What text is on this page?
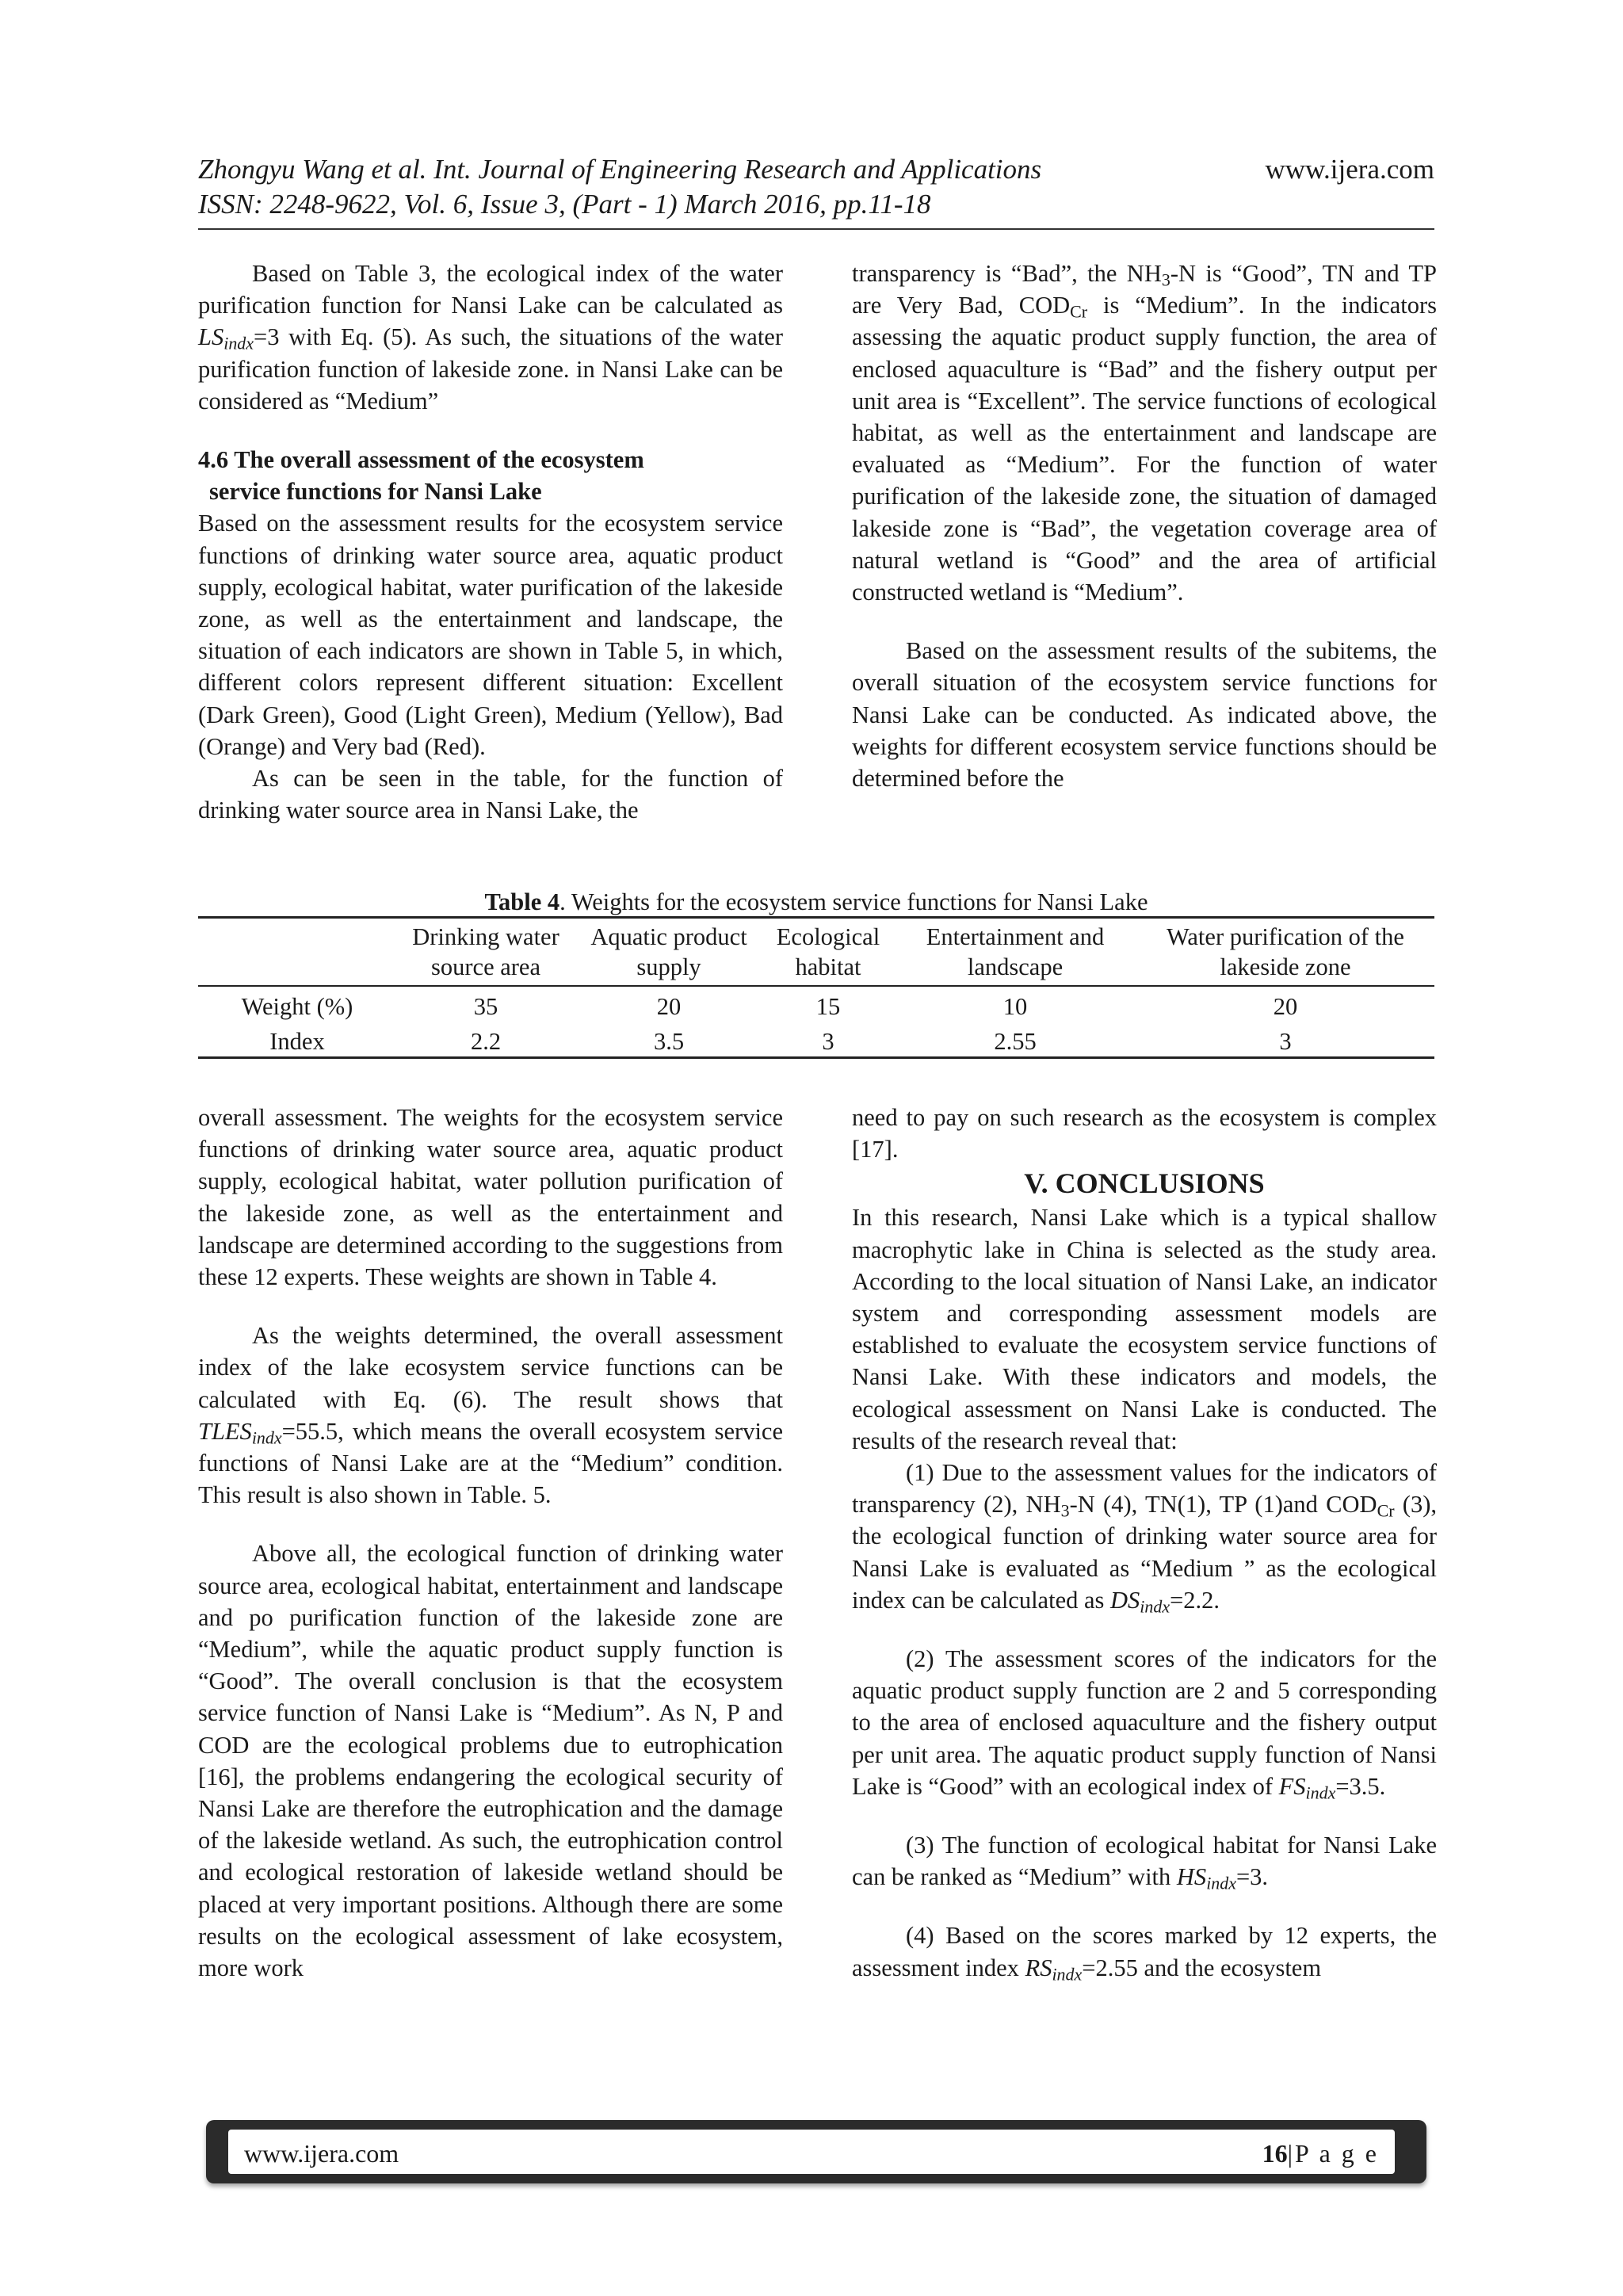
Zhongyu Wang et al. Int. Journal of Engineering Research and Applications	www.ijera.com
ISSN: 2248-9622, Vol. 6, Issue 3, (Part - 1) March 2016, pp.11-18

Based on Table 3, the ecological index of the water purification function for Nansi Lake can be calculated as $LS_{indx}=3$ with Eq. (5). As such, the situations of the water purification function of lakeside zone. in Nansi Lake can be considered as “Medium”

4.6 The overall assessment of the ecosystem
service functions for Nansi Lake

Based on the assessment results for the ecosystem service functions of drinking water source area, aquatic product supply, ecological habitat, water purification of the lakeside zone, as well as the entertainment and landscape, the situation of each indicators are shown in Table 5, in which, different colors represent different situation: Excellent (Dark Green), Good (Light Green), Medium (Yellow), Bad (Orange) and Very bad (Red).

As can be seen in the table, for the function of drinking water source area in Nansi Lake, the

transparency is “Bad”, the $NH_3-N$ is “Good”, TN and TP are Very Bad, $COD_{Cr}$ is “Medium”. In the indicators assessing the aquatic product supply function, the area of enclosed aquaculture is “Bad” and the fishery output per unit area is “Excellent”. The service functions of ecological habitat, as well as the entertainment and landscape are evaluated as “Medium”. For the function of water purification of the lakeside zone, the situation of damaged lakeside zone is “Bad”, the vegetation coverage area of natural wetland is “Good” and the area of artificial constructed wetland is “Medium”.

Based on the assessment results of the subitems, the overall situation of the ecosystem service functions for Nansi Lake can be conducted. As indicated above, the weights for different ecosystem service functions should be determined before the

Table 4. Weights for the ecosystem service functions for Nansi Lake
	Drinking water source area	Aquatic product supply	Ecological habitat	Entertainment and landscape	Water purification of the lakeside zone
Weight (%)	35	20	15	10	20
Index	2.2	3.5	3	2.55	3

overall assessment. The weights for the ecosystem service functions of drinking water source area, aquatic product supply, ecological habitat, water pollution purification of the lakeside zone, as well as the entertainment and landscape are determined according to the suggestions from these 12 experts. These weights are shown in Table 4.

As the weights determined, the overall assessment index of the lake ecosystem service functions can be calculated with Eq. (6). The result shows that $TLES_{indx}=55.5$, which means the overall ecosystem service functions of Nansi Lake are at the “Medium” condition. This result is also shown in Table. 5.

Above all, the ecological function of drinking water source area, ecological habitat, entertainment and landscape and po purification function of the lakeside zone are “Medium”, while the aquatic product supply function is “Good”. The overall conclusion is that the ecosystem service function of Nansi Lake is “Medium”. As N, P and COD are the ecological problems due to eutrophication [16], the problems endangering the ecological security of Nansi Lake are therefore the eutrophication and the damage of the lakeside wetland. As such, the eutrophication control and ecological restoration of lakeside wetland should be placed at very important positions. Although there are some results on the ecological assessment of lake ecosystem, more work

need to pay on such research as the ecosystem is complex [17].

V. CONCLUSIONS

In this research, Nansi Lake which is a typical shallow macrophytic lake in China is selected as the study area. According to the local situation of Nansi Lake, an indicator system and corresponding assessment models are established to evaluate the ecosystem service functions of Nansi Lake. With these indicators and models, the ecological assessment on Nansi Lake is conducted. The results of the research reveal that:

(1) Due to the assessment values for the indicators of transparency (2), $NH_3-N$ (4), TN(1), TP (1)and $COD_{Cr}$ (3), the ecological function of drinking water source area for Nansi Lake is evaluated as “Medium ” as the ecological index can be calculated as $DS_{indx}=2.2$.

(2) The assessment scores of the indicators for the aquatic product supply function are 2 and 5 corresponding to the area of enclosed aquaculture and the fishery output per unit area. The aquatic product supply function of Nansi Lake is “Good” with an ecological index of $FS_{indx}=3.5$.

(3) The function of ecological habitat for Nansi Lake can be ranked as “Medium” with $HS_{indx}=3$.

(4) Based on the scores marked by 12 experts, the assessment index $RS_{indx}=2.55$ and the ecosystem

www.ijera.com	16|P a g e
